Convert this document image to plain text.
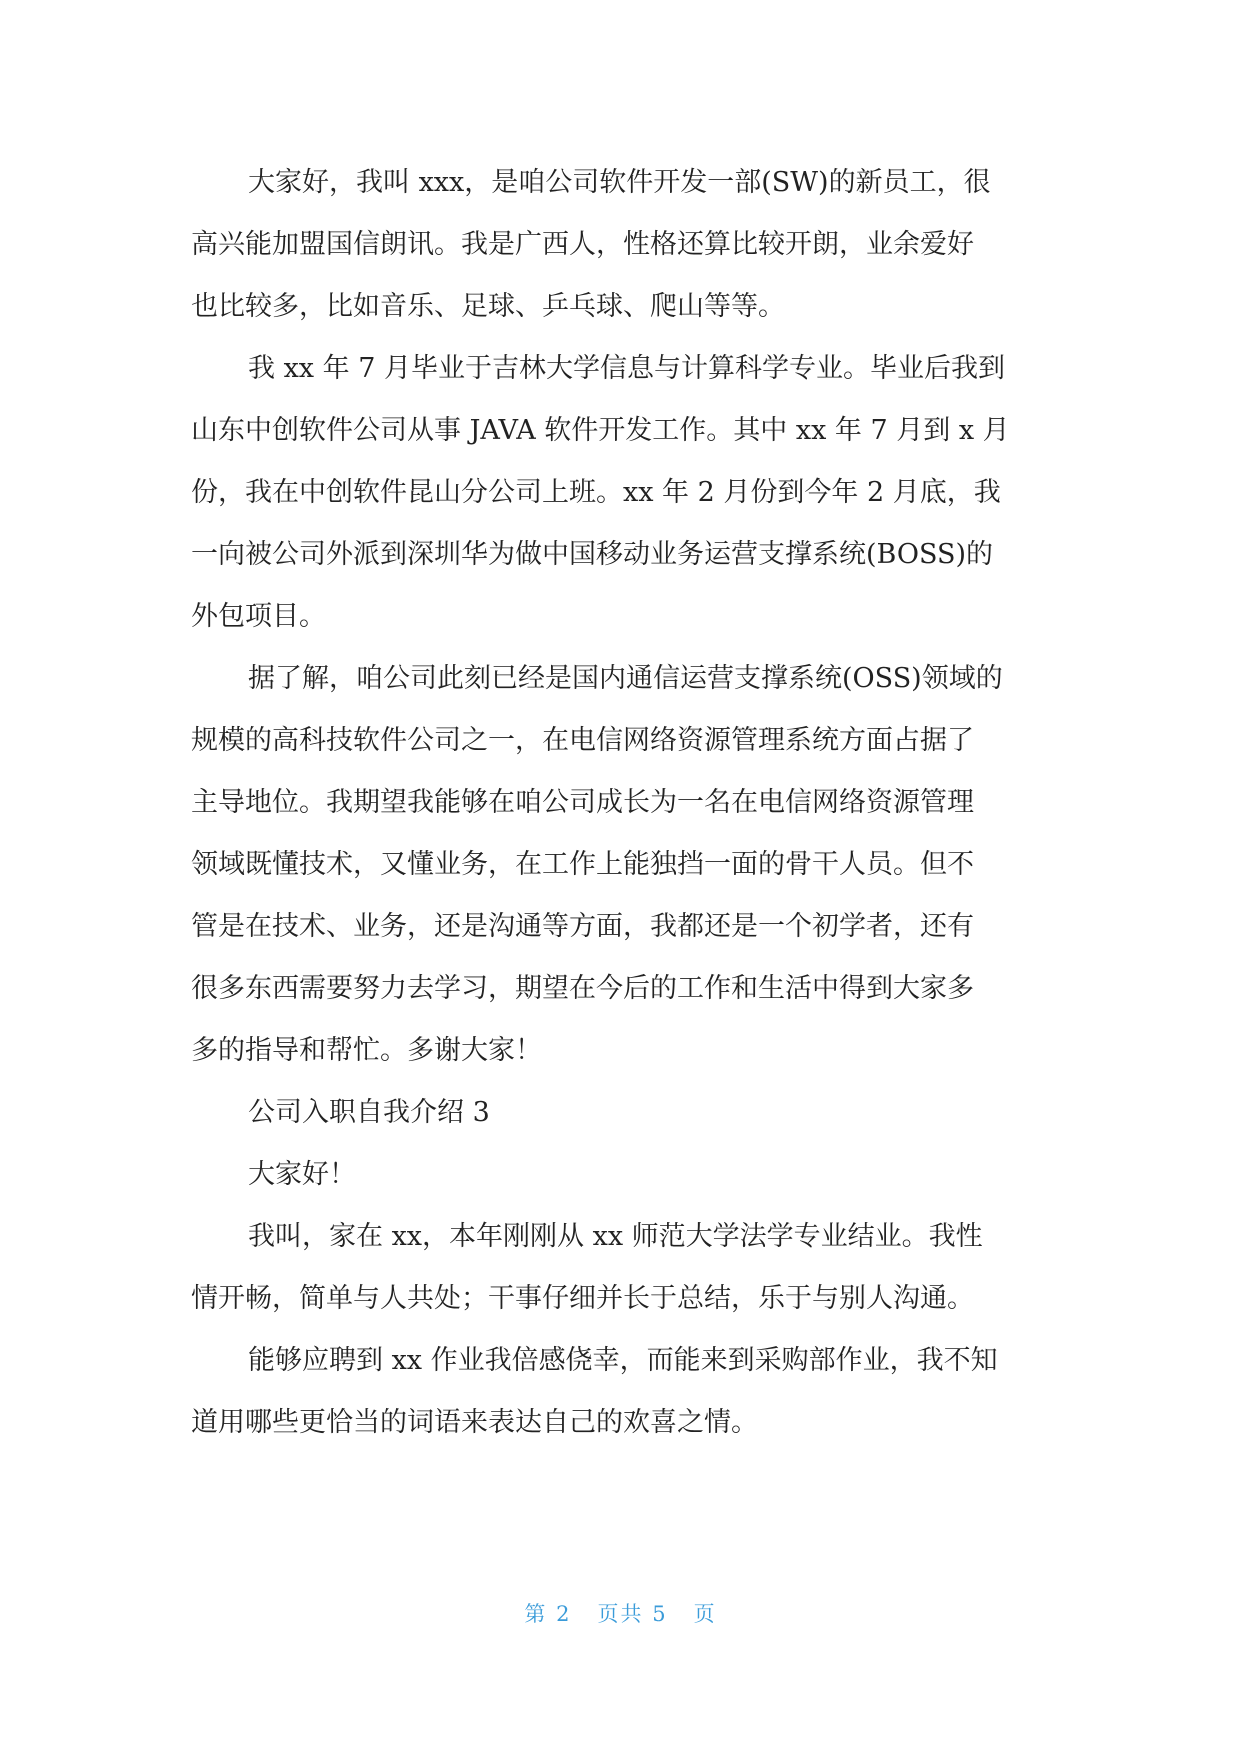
大家好，我叫 xxx，是咱公司软件开发一部(SW)的新员工，很
高兴能加盟国信朗讯。我是广西人，性格还算比较开朗，业余爱好
也比较多，比如音乐、足球、乒乓球、爬山等等。

我 xx 年 7 月毕业于吉林大学信息与计算科学专业。毕业后我到
山东中创软件公司从事 JAVA 软件开发工作。其中 xx 年 7 月到 x 月
份，我在中创软件昆山分公司上班。xx 年 2 月份到今年 2 月底，我
一向被公司外派到深圳华为做中国移动业务运营支撑系统(BOSS)的
外包项目。

据了解，咱公司此刻已经是国内通信运营支撑系统(OSS)领域的
规模的高科技软件公司之一，在电信网络资源管理系统方面占据了
主导地位。我期望我能够在咱公司成长为一名在电信网络资源管理
领域既懂技术，又懂业务，在工作上能独挡一面的骨干人员。但不
管是在技术、业务，还是沟通等方面，我都还是一个初学者，还有
很多东西需要努力去学习，期望在今后的工作和生活中得到大家多
多的指导和帮忙。多谢大家！

公司入职自我介绍 3

大家好！

我叫，家在 xx，本年刚刚从 xx 师范大学法学专业结业。我性
情开畅，简单与人共处；干事仔细并长于总结，乐于与别人沟通。

能够应聘到 xx 作业我倍感侥幸，而能来到采购部作业，我不知
道用哪些更恰当的词语来表达自己的欢喜之情。

第 2 页共 5 页
